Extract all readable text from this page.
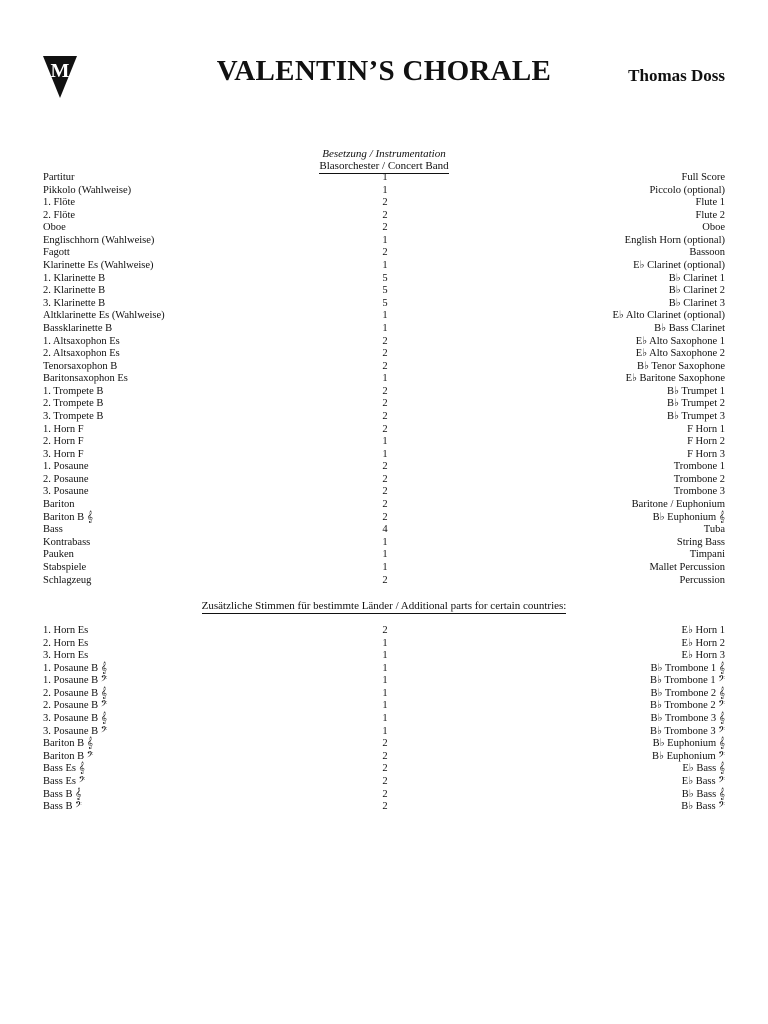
M	VALENTIN’S CHORALE	Thomas Doss
Besetzung / Instrumentation
Blasorchester / Concert Band
Partitur	1	Full Score
Pikkolo (Wahlweise)	1	Piccolo (optional)
1. Flöte	2	Flute 1
2. Flöte	2	Flute 2
Oboe	2	Oboe
Englischhorn (Wahlweise)	1	English Horn (optional)
Fagott	2	Bassoon
Klarinette Es (Wahlweise)	1	E♭ Clarinet (optional)
1. Klarinette B	5	B♭ Clarinet 1
2. Klarinette B	5	B♭ Clarinet 2
3. Klarinette B	5	B♭ Clarinet 3
Altklarinette Es (Wahlweise)	1	E♭ Alto Clarinet (optional)
Bassklarinette B	1	B♭ Bass Clarinet
1. Altsaxophon Es	2	E♭ Alto Saxophone 1
2. Altsaxophon Es	2	E♭ Alto Saxophone 2
Tenorsaxophon B	2	B♭ Tenor Saxophone
Baritonsaxophon Es	1	E♭ Baritone Saxophone
1. Trompete B	2	B♭ Trumpet 1
2. Trompete B	2	B♭ Trumpet 2
3. Trompete B	2	B♭ Trumpet 3
1. Horn F	2	F Horn 1
2. Horn F	1	F Horn 2
3. Horn F	1	F Horn 3
1. Posaune	2	Trombone 1
2. Posaune	2	Trombone 2
3. Posaune	2	Trombone 3
Bariton	2	Baritone / Euphonium
Bariton B 𝄞	2	B♭ Euphonium 𝄞
Bass	4	Tuba
Kontrabass	1	String Bass
Pauken	1	Timpani
Stabspiele	1	Mallet Percussion
Schlagzeug	2	Percussion
Zusätzliche Stimmen für bestimmte Länder / Additional parts for certain countries:
1. Horn Es	2	E♭ Horn 1
2. Horn Es	1	E♭ Horn 2
3. Horn Es	1	E♭ Horn 3
1. Posaune B 𝄞	1	B♭ Trombone 1 𝄞
1. Posaune B 𝄢	1	B♭ Trombone 1 𝄢
2. Posaune B 𝄞	1	B♭ Trombone 2 𝄞
2. Posaune B 𝄢	1	B♭ Trombone 2 𝄢
3. Posaune B 𝄞	1	B♭ Trombone 3 𝄞
3. Posaune B 𝄢	1	B♭ Trombone 3 𝄢
Bariton B 𝄞	2	B♭ Euphonium 𝄞
Bariton B 𝄢	2	B♭ Euphonium 𝄢
Bass Es 𝄞	2	E♭ Bass 𝄞
Bass Es 𝄢	2	E♭ Bass 𝄢
Bass B 𝄞	2	B♭ Bass 𝄞
Bass B 𝄢	2	B♭ Bass 𝄢
